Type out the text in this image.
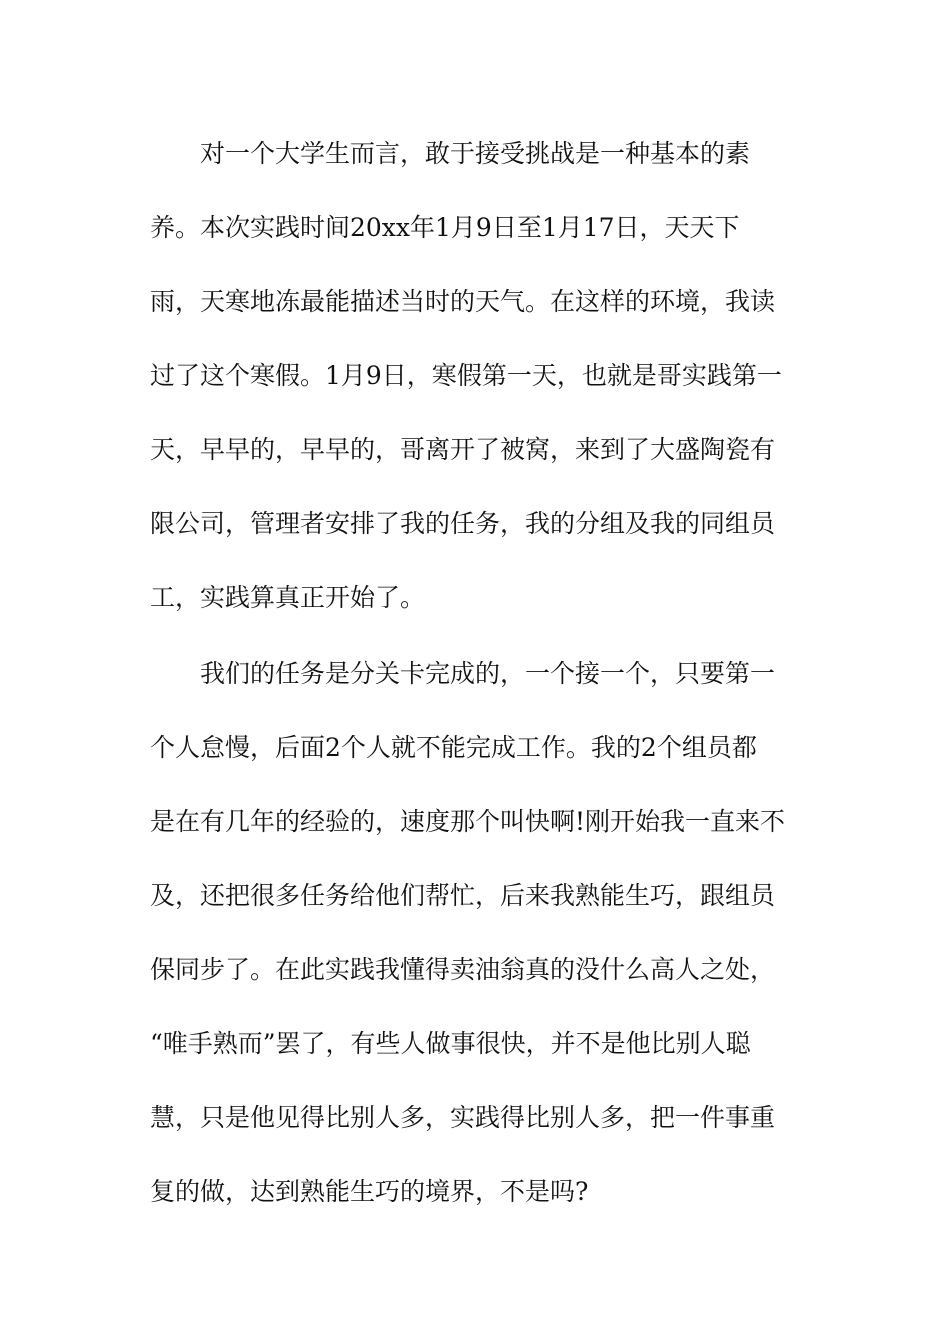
对一个大学生而言，敢于接受挑战是一种基本的素
养。本次实践时间20xx年1月9日至1月17日，天天下
雨，天寒地冻最能描述当时的天气。在这样的环境，我读
过了这个寒假。1月9日，寒假第一天，也就是哥实践第一
天，早早的，早早的，哥离开了被窝，来到了大盛陶瓷有
限公司，管理者安排了我的任务，我的分组及我的同组员
工，实践算真正开始了。
我们的任务是分关卡完成的，一个接一个，只要第一
个人怠慢，后面2个人就不能完成工作。我的2个组员都
是在有几年的经验的，速度那个叫快啊!刚开始我一直来不
及，还把很多任务给他们帮忙，后来我熟能生巧，跟组员
保同步了。在此实践我懂得卖油翁真的没什么高人之处，
“唯手熟而”罢了，有些人做事很快，并不是他比别人聪
慧，只是他见得比别人多，实践得比别人多，把一件事重
复的做，达到熟能生巧的境界，不是吗?
